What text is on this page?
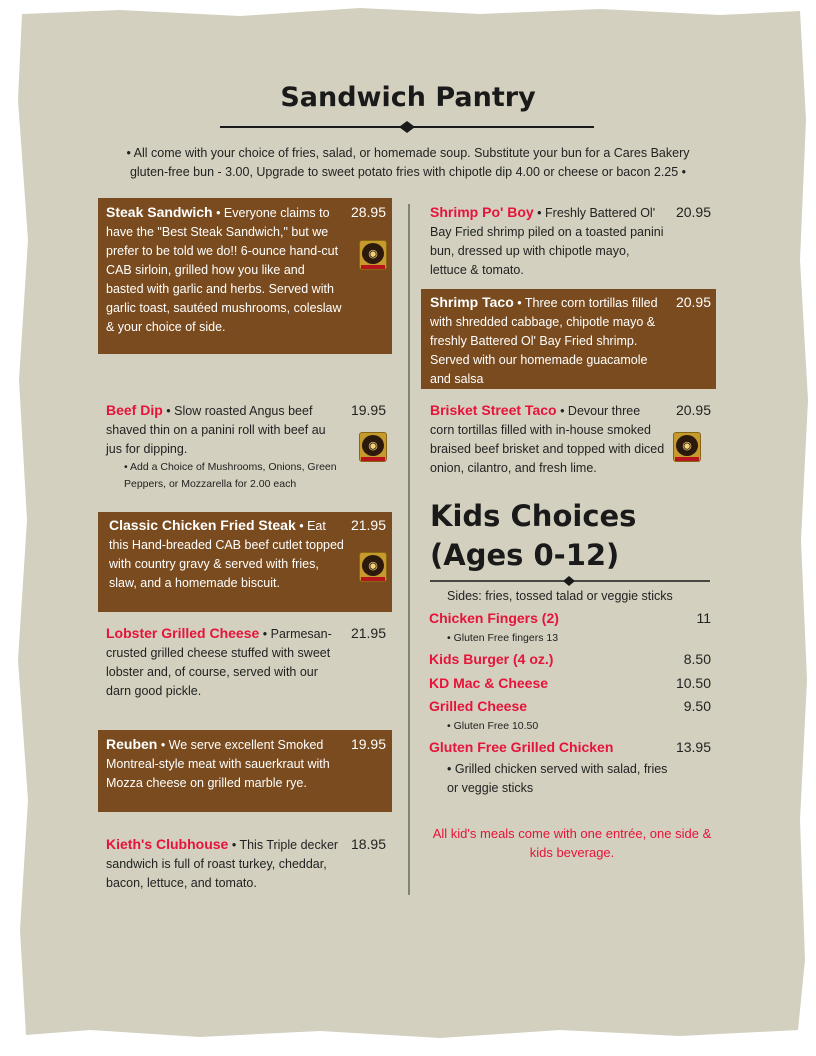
Sandwich Pantry
• All come with your choice of fries, salad, or homemade soup. Substitute your bun for a Cares Bakery gluten-free bun - 3.00, Upgrade to sweet potato fries with chipotle dip 4.00 or cheese or bacon 2.25 •
28.95
Steak Sandwich • Everyone claims to have the "Best Steak Sandwich," but we prefer to be told we do!! 6-ounce hand-cut CAB sirloin, grilled how you like and basted with garlic and herbs. Served with garlic toast, sautéed mushrooms, coleslaw & your choice of side.
◉
19.95
Beef Dip • Slow roasted Angus beef shaved thin on a panini roll with beef au jus for dipping.
• Add a Choice of Mushrooms, Onions, Green Peppers, or Mozzarella for 2.00 each
◉
21.95
Classic Chicken Fried Steak • Eat this Hand-breaded CAB beef cutlet topped with country gravy & served with fries, slaw, and a homemade biscuit.
◉
21.95
Lobster Grilled Cheese • Parmesan-crusted grilled cheese stuffed with sweet lobster and, of course, served with our darn good pickle.
19.95
Reuben • We serve excellent Smoked Montreal-style meat with sauerkraut with Mozza cheese on grilled marble rye.
18.95
Kieth's Clubhouse • This Triple decker sandwich is full of roast turkey, cheddar, bacon, lettuce, and tomato.
20.95
Shrimp Po' Boy • Freshly Battered Ol' Bay Fried shrimp piled on a toasted panini bun, dressed up with chipotle mayo, lettuce & tomato.
20.95
Shrimp Taco • Three corn tortillas filled with shredded cabbage, chipotle mayo & freshly Battered Ol' Bay Fried shrimp. Served with our homemade guacamole and salsa
20.95
Brisket Street Taco • Devour three corn tortillas filled with in-house smoked braised beef brisket and topped with diced onion, cilantro, and fresh lime.
◉
Kids Choices (Ages 0-12)
Sides: fries, tossed talad or veggie sticks
Chicken Fingers (2)	11
• Gluten Free fingers 13
Kids Burger (4 oz.)	8.50
KD Mac & Cheese	10.50
Grilled Cheese	9.50
• Gluten Free 10.50
Gluten Free Grilled Chicken	13.95
• Grilled chicken served with salad, fries or veggie sticks
All kid's meals come with one entrée, one side & kids beverage.
